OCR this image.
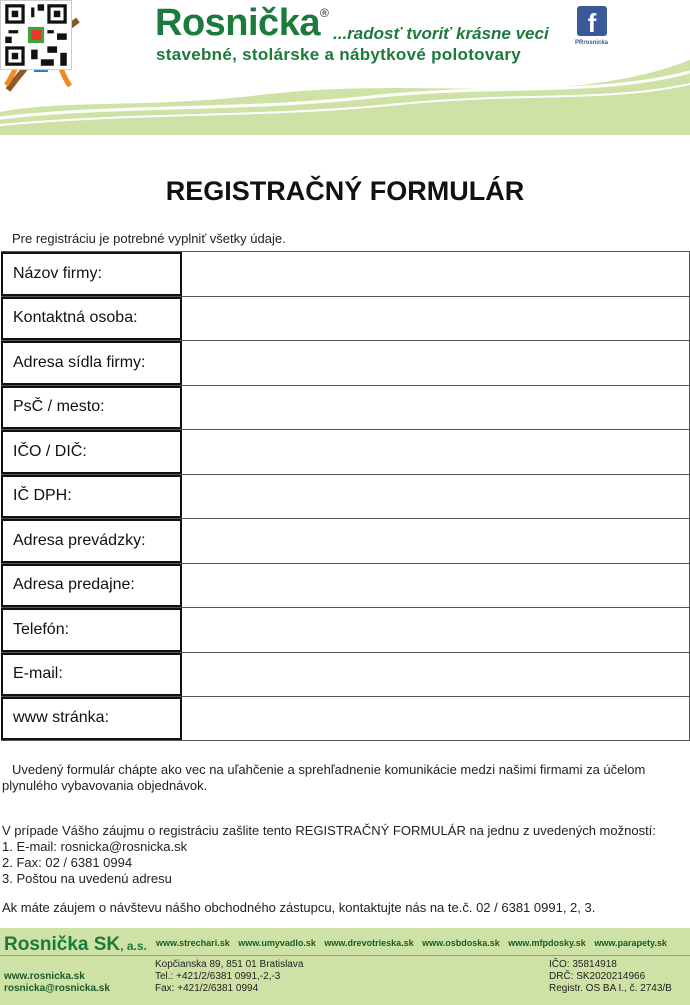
Rosnička®
...radosť tvoriť krásne veci
stavebné, stolárske a nábytkové polotovary
f
PRrosnicka
REGISTRAČNÝ FORMULÁR
Pre registráciu je potrebné vyplniť všetky údaje.
Názov firmy:
Kontaktná osoba:
Adresa sídla firmy:
PsČ / mesto:
IČO / DIČ:
IČ DPH:
Adresa prevádzky:
Adresa predajne:
Telefón:
E-mail:
www stránka:
Uvedený formulár chápte ako vec na uľahčenie a sprehľadnenie komunikácie medzi našimi firmami za účelom plynulého vybavovania objednávok.
V prípade Vášho záujmu o registráciu zašlite tento REGISTRAČNÝ FORMULÁR na jednu z uvedených možností:
1. E-mail: rosnicka@rosnicka.sk
2. Fax: 02 / 6381 0994
3. Poštou na uvedenú adresu
Ak máte záujem o návštevu nášho obchodného zástupcu, kontaktujte nás na te.č. 02 / 6381 0991, 2, 3.
Rosnička SK, a.s. www.strechari.sk www.umyvadlo.sk www.drevotrieska.sk www.osbdoska.sk www.mfpdosky.sk www.parapety.sk
www.rosnicka.sk
rosnicka@rosnicka.sk
Kopčianska 89, 851 01 Bratislava
Tel.: +421/2/6381 0991,-2,-3
Fax: +421/2/6381 0994
IČO: 35814918
DRČ: SK2020214966
Registr. OS BA I., č. 2743/B
